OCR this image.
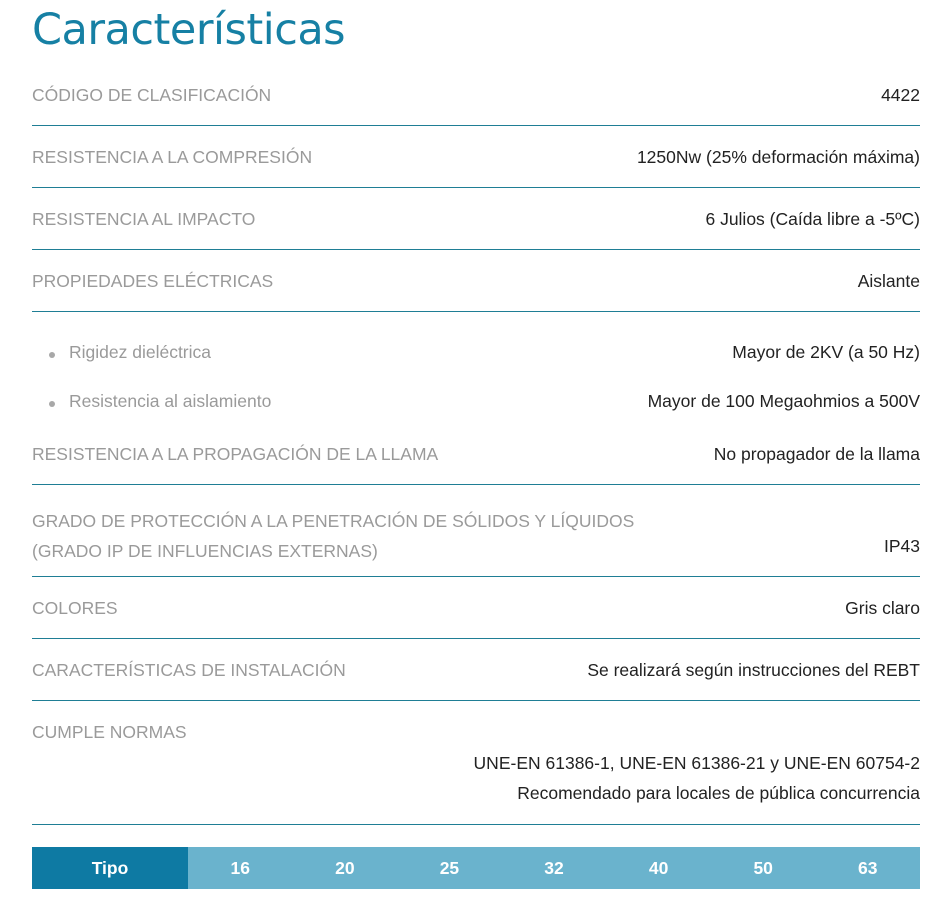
Características
CÓDIGO DE CLASIFICACIÓN	4422
RESISTENCIA A LA COMPRESIÓN	1250Nw (25% deformación máxima)
RESISTENCIA AL IMPACTO	6 Julios (Caída libre a -5ºC)
PROPIEDADES ELÉCTRICAS	Aislante
Rigidez dieléctrica	Mayor de 2KV (a 50 Hz)
Resistencia al aislamiento	Mayor de 100 Megaohmios a 500V
RESISTENCIA A LA PROPAGACIÓN DE LA LLAMA	No propagador de la llama
GRADO DE PROTECCIÓN A LA PENETRACIÓN DE SÓLIDOS Y LÍQUIDOS
(GRADO IP DE INFLUENCIAS EXTERNAS)	IP43
COLORES	Gris claro
CARACTERÍSTICAS DE INSTALACIÓN	Se realizará según instrucciones del REBT
CUMPLE NORMAS
UNE-EN 61386-1, UNE-EN 61386-21 y UNE-EN 60754-2
Recomendado para locales de pública concurrencia
Tipo	16	20	25	32	40	50	63
